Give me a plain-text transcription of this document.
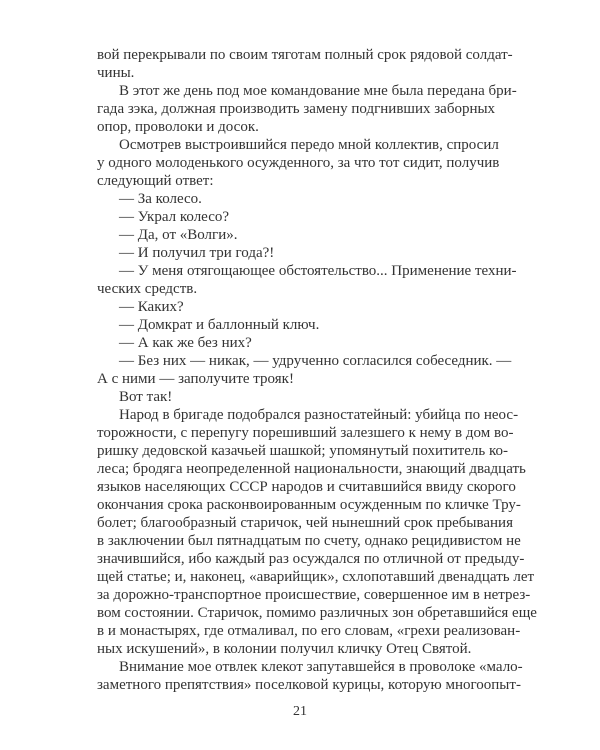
вой перекрывали по своим тяготам полный срок рядовой солдат-
чины.
В этот же день под мое командование мне была передана бри-
гада зэка, должная производить замену подгнивших заборных
опор, проволоки и досок.
Осмотрев выстроившийся передо мной коллектив, спросил
у одного молоденького осужденного, за что тот сидит, получив
следующий ответ:
— За колесо.
— Украл колесо?
— Да, от «Волги».
— И получил три года?!
— У меня отягощающее обстоятельство... Применение техни-
ческих средств.
— Каких?
— Домкрат и баллонный ключ.
— А как же без них?
— Без них — никак, — удрученно согласился собеседник. —
А с ними — заполучите трояк!
Вот так!
Народ в бригаде подобрался разностатейный: убийца по неос-
торожности, с перепугу порешивший залезшего к нему в дом во-
ришку дедовской казачьей шашкой; упомянутый похититель ко-
леса; бродяга неопределенной национальности, знающий двадцать
языков населяющих СССР народов и считавшийся ввиду скорого
окончания срока расконвоированным осужденным по кличке Тру-
болет; благообразный старичок, чей нынешний срок пребывания
в заключении был пятнадцатым по счету, однако рецидивистом не
значившийся, ибо каждый раз осуждался по отличной от предыду-
щей статье; и, наконец, «аварийщик», схлопотавший двенадцать лет
за дорожно-транспортное происшествие, совершенное им в нетрез-
вом состоянии. Старичок, помимо различных зон обретавшийся еще
в и монастырях, где отмаливал, по его словам, «грехи реализован-
ных искушений», в колонии получил кличку Отец Святой.
Внимание мое отвлек клекот запутавшейся в проволоке «мало-
заметного препятствия» поселковой курицы, которую многоопыт-
21
